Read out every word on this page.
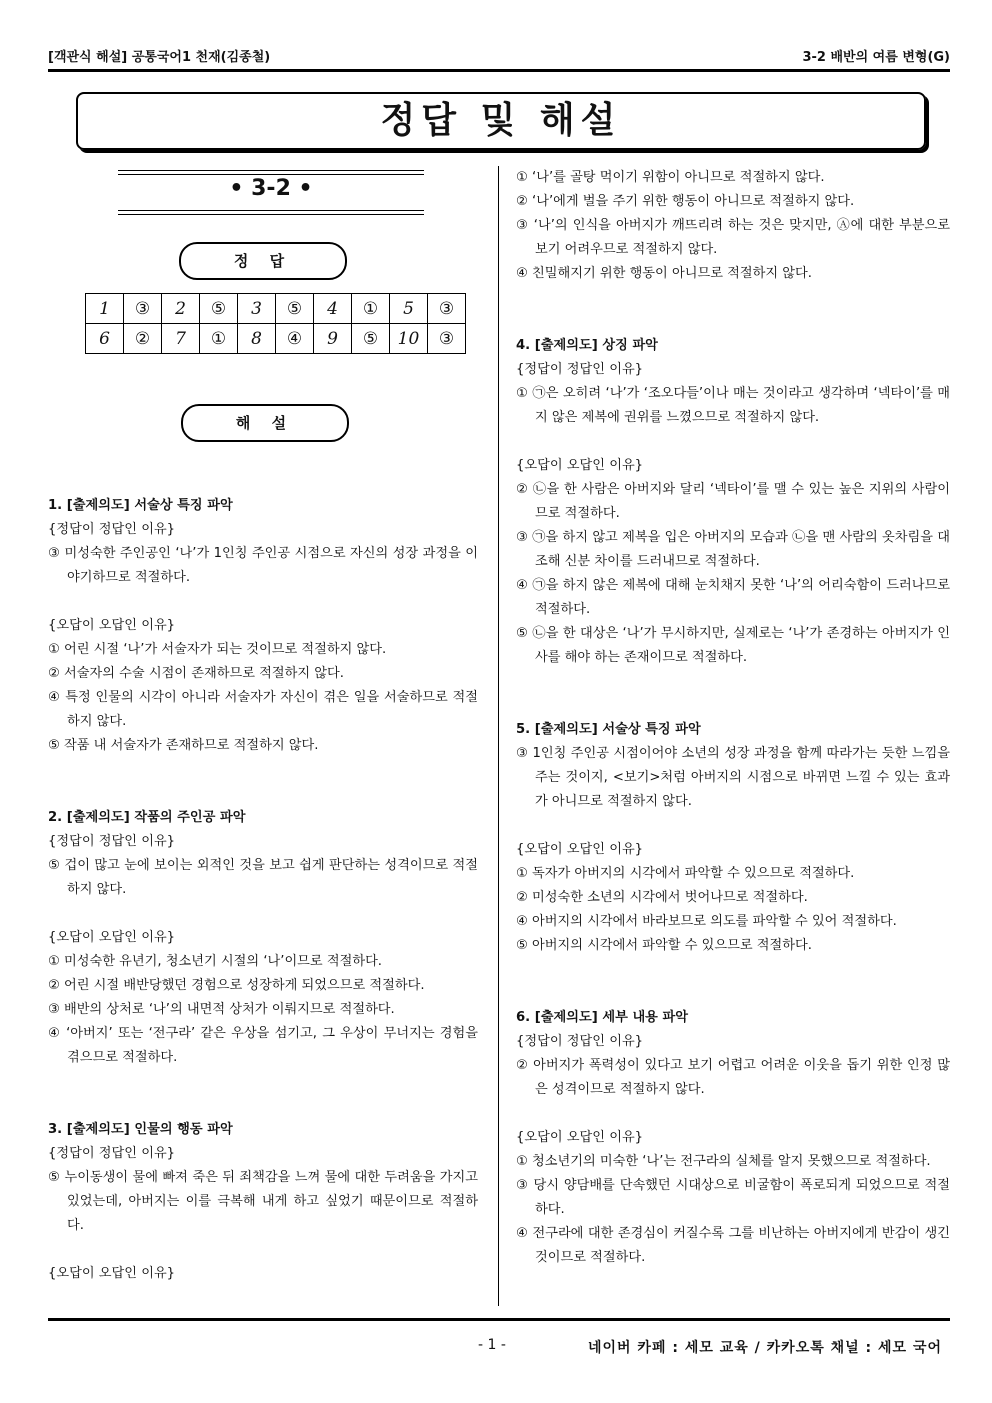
[객관식 해설] 공통국어1 천재(김종철)	3-2 배반의 여름 변형(G)
정답 및 해설
• 3-2 •
정 답
1	③	2	⑤	3	⑤	4	①	5	③
6	②	7	①	8	④	9	⑤	10	③
해 설

1. [출제의도] 서술상 특징 파악

{정답이 정답인 이유}

③ 미성숙한 주인공인 ‘나’가 1인칭 주인공 시점으로 자신의 성장 과정을 이야기하므로 적절하다.

{오답이 오답인 이유}

① 어린 시절 ‘나’가 서술자가 되는 것이므로 적절하지 않다.

② 서술자의 수술 시점이 존재하므로 적절하지 않다.

④ 특정 인물의 시각이 아니라 서술자가 자신이 겪은 일을 서술하므로 적절하지 않다.

⑤ 작품 내 서술자가 존재하므로 적절하지 않다.

2. [출제의도] 작품의 주인공 파악

{정답이 정답인 이유}

⑤ 겁이 많고 눈에 보이는 외적인 것을 보고 쉽게 판단하는 성격이므로 적절하지 않다.

{오답이 오답인 이유}

① 미성숙한 유년기, 청소년기 시절의 ‘나’이므로 적절하다.

② 어린 시절 배반당했던 경험으로 성장하게 되었으므로 적절하다.

③ 배반의 상처로 ‘나’의 내면적 상처가 이뤄지므로 적절하다.

④ ‘아버지’ 또는 ‘전구라’ 같은 우상을 섬기고, 그 우상이 무너지는 경험을 겪으므로 적절하다.

3. [출제의도] 인물의 행동 파악

{정답이 정답인 이유}

⑤ 누이동생이 물에 빠져 죽은 뒤 죄책감을 느껴 물에 대한 두려움을 가지고 있었는데, 아버지는 이를 극복해 내게 하고 싶었기 때문이므로 적절하다.

{오답이 오답인 이유}

① ‘나’를 골탕 먹이기 위함이 아니므로 적절하지 않다.

② ‘나’에게 벌을 주기 위한 행동이 아니므로 적절하지 않다.

③ ‘나’의 인식을 아버지가 깨뜨리려 하는 것은 맞지만, Ⓐ에 대한 부분으로 보기 어려우므로 적절하지 않다.

④ 친밀해지기 위한 행동이 아니므로 적절하지 않다.

4. [출제의도] 상징 파악

{정답이 정답인 이유}

① ㉠은 오히려 ‘나’가 ‘조오다들’이나 매는 것이라고 생각하며 ‘넥타이’를 매지 않은 제복에 권위를 느꼈으므로 적절하지 않다.

{오답이 오답인 이유}

② ㉡을 한 사람은 아버지와 달리 ‘넥타이’를 맬 수 있는 높은 지위의 사람이므로 적절하다.

③ ㉠을 하지 않고 제복을 입은 아버지의 모습과 ㉡을 맨 사람의 옷차림을 대조해 신분 차이를 드러내므로 적절하다.

④ ㉠을 하지 않은 제복에 대해 눈치채지 못한 ‘나’의 어리숙함이 드러나므로 적절하다.

⑤ ㉡을 한 대상은 ‘나’가 무시하지만, 실제로는 ‘나’가 존경하는 아버지가 인사를 해야 하는 존재이므로 적절하다.

5. [출제의도] 서술상 특징 파악

③ 1인칭 주인공 시점이어야 소년의 성장 과정을 함께 따라가는 듯한 느낌을 주는 것이지, <보기>처럼 아버지의 시점으로 바뀌면 느낄 수 있는 효과가 아니므로 적절하지 않다.

{오답이 오답인 이유}

① 독자가 아버지의 시각에서 파악할 수 있으므로 적절하다.

② 미성숙한 소년의 시각에서 벗어나므로 적절하다.

④ 아버지의 시각에서 바라보므로 의도를 파악할 수 있어 적절하다.

⑤ 아버지의 시각에서 파악할 수 있으므로 적절하다.

6. [출제의도] 세부 내용 파악

{정답이 정답인 이유}

② 아버지가 폭력성이 있다고 보기 어렵고 어려운 이웃을 돕기 위한 인정 많은 성격이므로 적절하지 않다.

{오답이 오답인 이유}

① 청소년기의 미숙한 ‘나’는 전구라의 실체를 알지 못했으므로 적절하다.

③ 당시 양담배를 단속했던 시대상으로 비굴함이 폭로되게 되었으므로 적절하다.

④ 전구라에 대한 존경심이 커질수록 그를 비난하는 아버지에게 반감이 생긴 것이므로 적절하다.

- 1 -	네이버 카페 : 세모 교육 / 카카오톡 채널 : 세모 국어
